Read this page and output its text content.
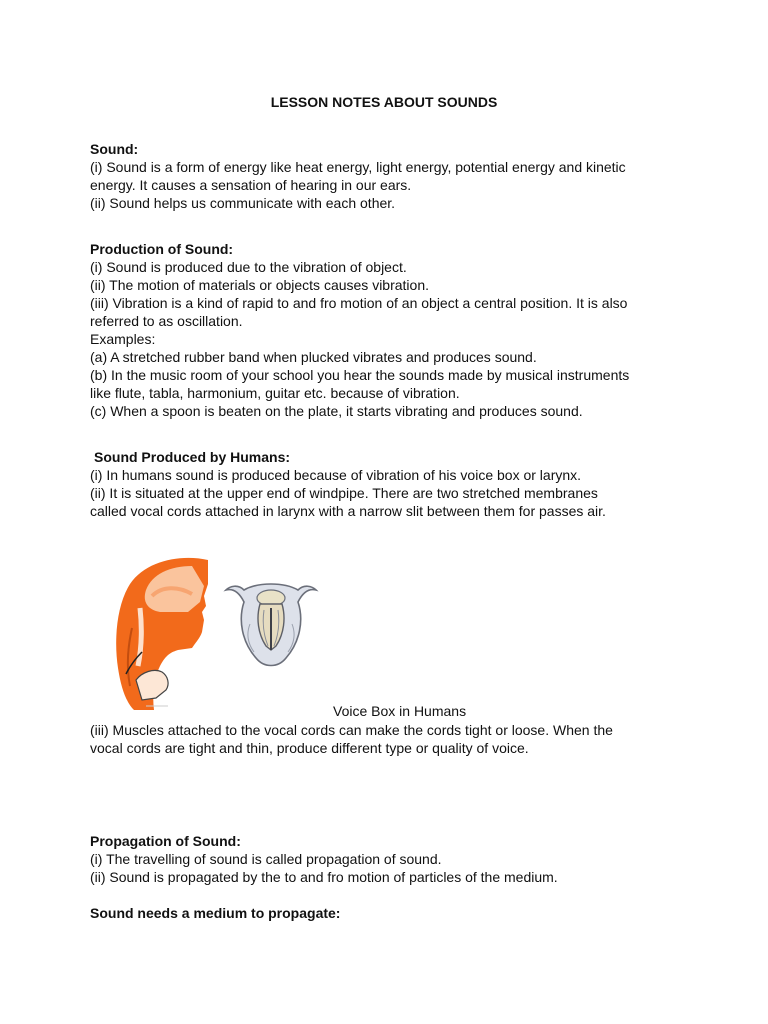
LESSON NOTES ABOUT SOUNDS
Sound:
(i) Sound is a form of energy like heat energy, light energy, potential energy and kinetic
energy. It causes a sensation of hearing in our ears.
(ii) Sound helps us communicate with each other.
Production of Sound:
(i) Sound is produced due to the vibration of object.
(ii) The motion of materials or objects causes vibration.
(iii) Vibration is a kind of rapid to and fro motion of an object a central position. It is also
referred to as oscillation.
Examples:
(a) A stretched rubber band when plucked vibrates and produces sound.
(b) In the music room of your school you hear the sounds made by musical instruments
like flute, tabla, harmonium, guitar etc. because of vibration.
(c) When a spoon is beaten on the plate, it starts vibrating and produces sound.
Sound Produced by Humans:
(i) In humans sound is produced because of vibration of his voice box or larynx.
(ii) It is situated at the upper end of windpipe. There are two stretched membranes
called vocal cords attached in larynx with a narrow slit between them for passes air.
Voice Box in Humans
(iii) Muscles attached to the vocal cords can make the cords tight or loose. When the
vocal cords are tight and thin, produce different type or quality of voice.
Propagation of Sound:
(i) The travelling of sound is called propagation of sound.
(ii) Sound is propagated by the to and fro motion of particles of the medium.
Sound needs a medium to propagate:
